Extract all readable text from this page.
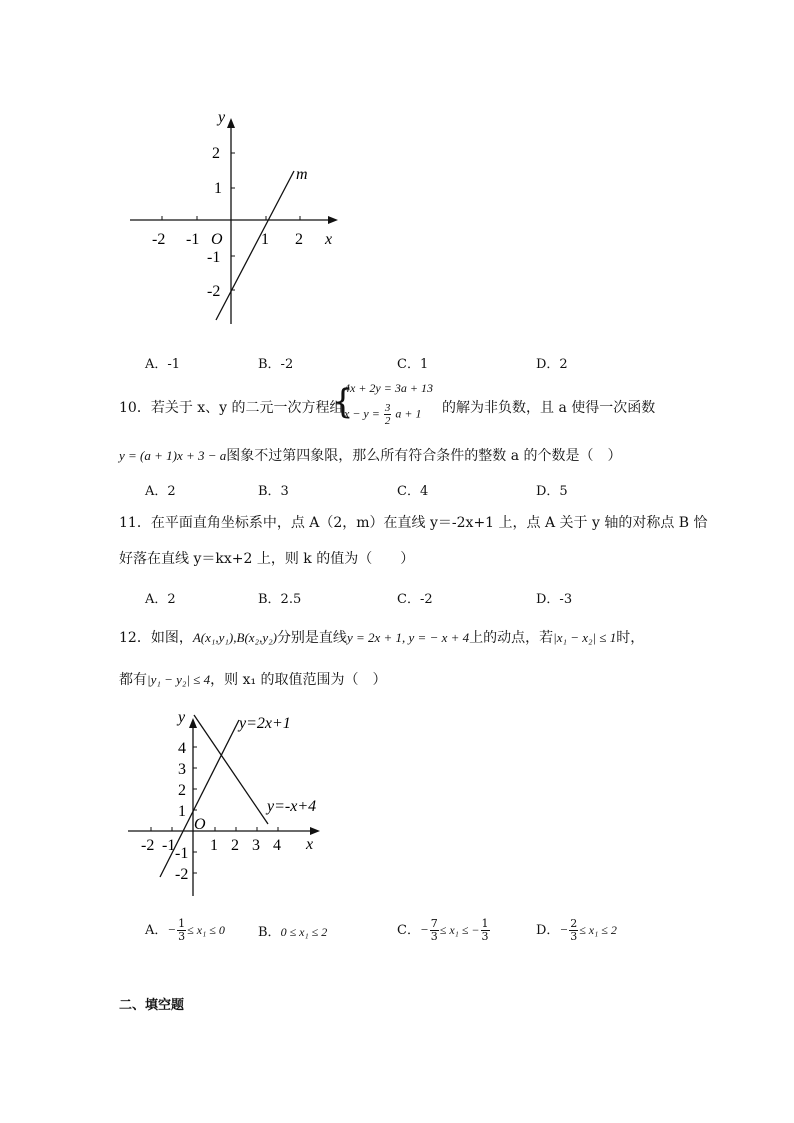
y
x
O
m
-2 -1	1 2
2
1
-1
-2
A．-1	B．-2	C．1	D．2
10．若关于 x、y 的二元一次方程组
{
4x + 2y = 3a + 13
$x - y = \frac{3}{2}$ a + 1 的解为非负数，且 a 使得一次函数
y = (a + 1)x + 3 − a图象不过第四象限，那么所有符合条件的整数 a 的个数是（　）
A．2	B．3	C．4	D．5
11．在平面直角坐标系中，点 A（2，m）在直线 y＝-2x+1 上，点 A 关于 y 轴的对称点 B 恰
好落在直线 y＝kx+2 上，则 k 的值为（　　）
A．2	B．2.5	C．-2	D．-3
12．如图，A(x₁,y₁),B(x₂,y₂)分别是直线y = 2x + 1, y = − x + 4上的动点，若|x₁ − x₂| ≤ 1时，
都有|y₁ − y₂| ≤ 4，则 x₁ 的取值范围为（　）
y
x
O
y=2x+1
y=-x+4
-2 -1 1 2 3 4
4
3
2
1
-1
-2
A．− $\frac{1}{3} \le x_1 \le 0$	B．0 ≤ x₁ ≤ 2	C．− $\frac{7}{3} \le x_1$ ≤ − $\frac{1}{3}$	D．− $\frac{2}{3} \le x_1 \le 2$
二、填空题
